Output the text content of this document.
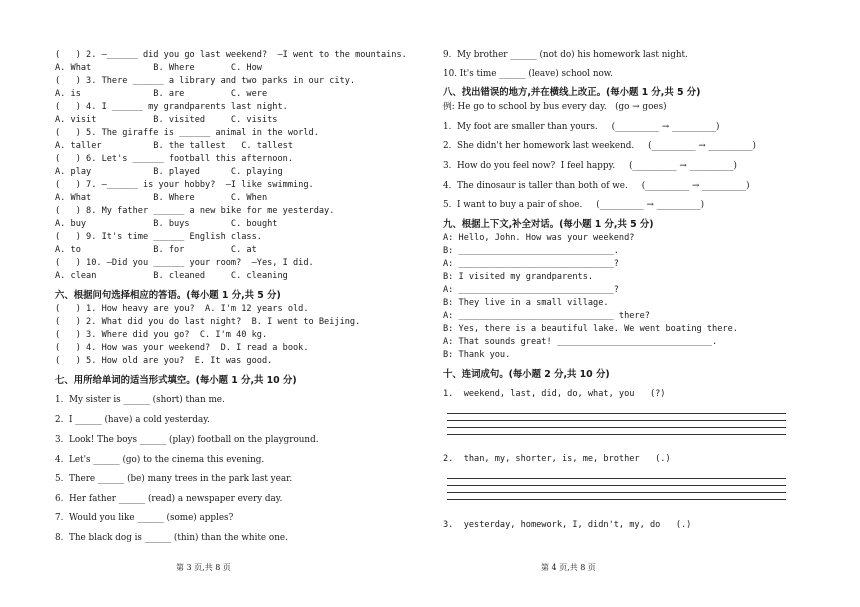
(   ) 2. —______ did you go last weekend?  —I went to the mountains.
A. What            B. Where       C. How
(   ) 3. There ______ a library and two parks in our city.
A. is              B. are         C. were
(   ) 4. I ______ my grandparents last night.
A. visit           B. visited     C. visits
(   ) 5. The giraffe is ______ animal in the world.
A. taller          B. the tallest   C. tallest
(   ) 6. Let's ______ football this afternoon.
A. play            B. played      C. playing
(   ) 7. —______ is your hobby?  —I like swimming.
A. What            B. Where       C. When
(   ) 8. My father ______ a new bike for me yesterday.
A. buy             B. buys        C. bought
(   ) 9. It's time ______ English class.
A. to              B. for         C. at
(   ) 10. —Did you ______ your room?  —Yes, I did.
A. clean           B. cleaned     C. cleaning
六、根据问句选择相应的答语。(每小题 1 分,共 5 分)
(   ) 1. How heavy are you?  A. I'm 12 years old.
(   ) 2. What did you do last night?  B. I went to Beijing.
(   ) 3. Where did you go?  C. I'm 40 kg.
(   ) 4. How was your weekend?  D. I read a book.
(   ) 5. How old are you?  E. It was good.
七、用所给单词的适当形式填空。(每小题 1 分,共 10 分)
1.  My sister is ______ (short) than me.
2.  I ______ (have) a cold yesterday.
3.  Look! The boys ______ (play) football on the playground.
4.  Let's ______ (go) to the cinema this evening.
5.  There ______ (be) many trees in the park last year.
6.  Her father ______ (read) a newspaper every day.
7.  Would you like ______ (some) apples?
8.  The black dog is ______ (thin) than the white one.
第 3 页,共 8 页
9.  My brother ______ (not do) his homework last night.
10. It's time ______ (leave) school now.
八、找出错误的地方,并在横线上改正。(每小题 1 分,共 5 分)
例: He go to school by bus every day.   (go → goes)
1.  My foot are smaller than yours.     (__________ → __________)
2.  She didn't her homework last weekend.     (__________ → __________)
3.  How do you feel now?  I feel happy.     (__________ → __________)
4.  The dinosaur is taller than both of we.     (__________ → __________)
5.  I want to buy a pair of shoe.     (__________ → __________)
九、根据上下文,补全对话。(每小题 1 分,共 5 分)
A: Hello, John. How was your weekend?
B: ______________________________.
A: ______________________________?
B: I visited my grandparents.
A: ______________________________?
B: They live in a small village.
A: ______________________________ there?
B: Yes, there is a beautiful lake. We went boating there.
A: That sounds great! ______________________________.
B: Thank you.
十、连词成句。(每小题 2 分,共 10 分)
1.  weekend, last, did, do, what, you   (?)
2.  than, my, shorter, is, me, brother   (.)
3.  yesterday, homework, I, didn't, my, do   (.)
第 4 页,共 8 页
